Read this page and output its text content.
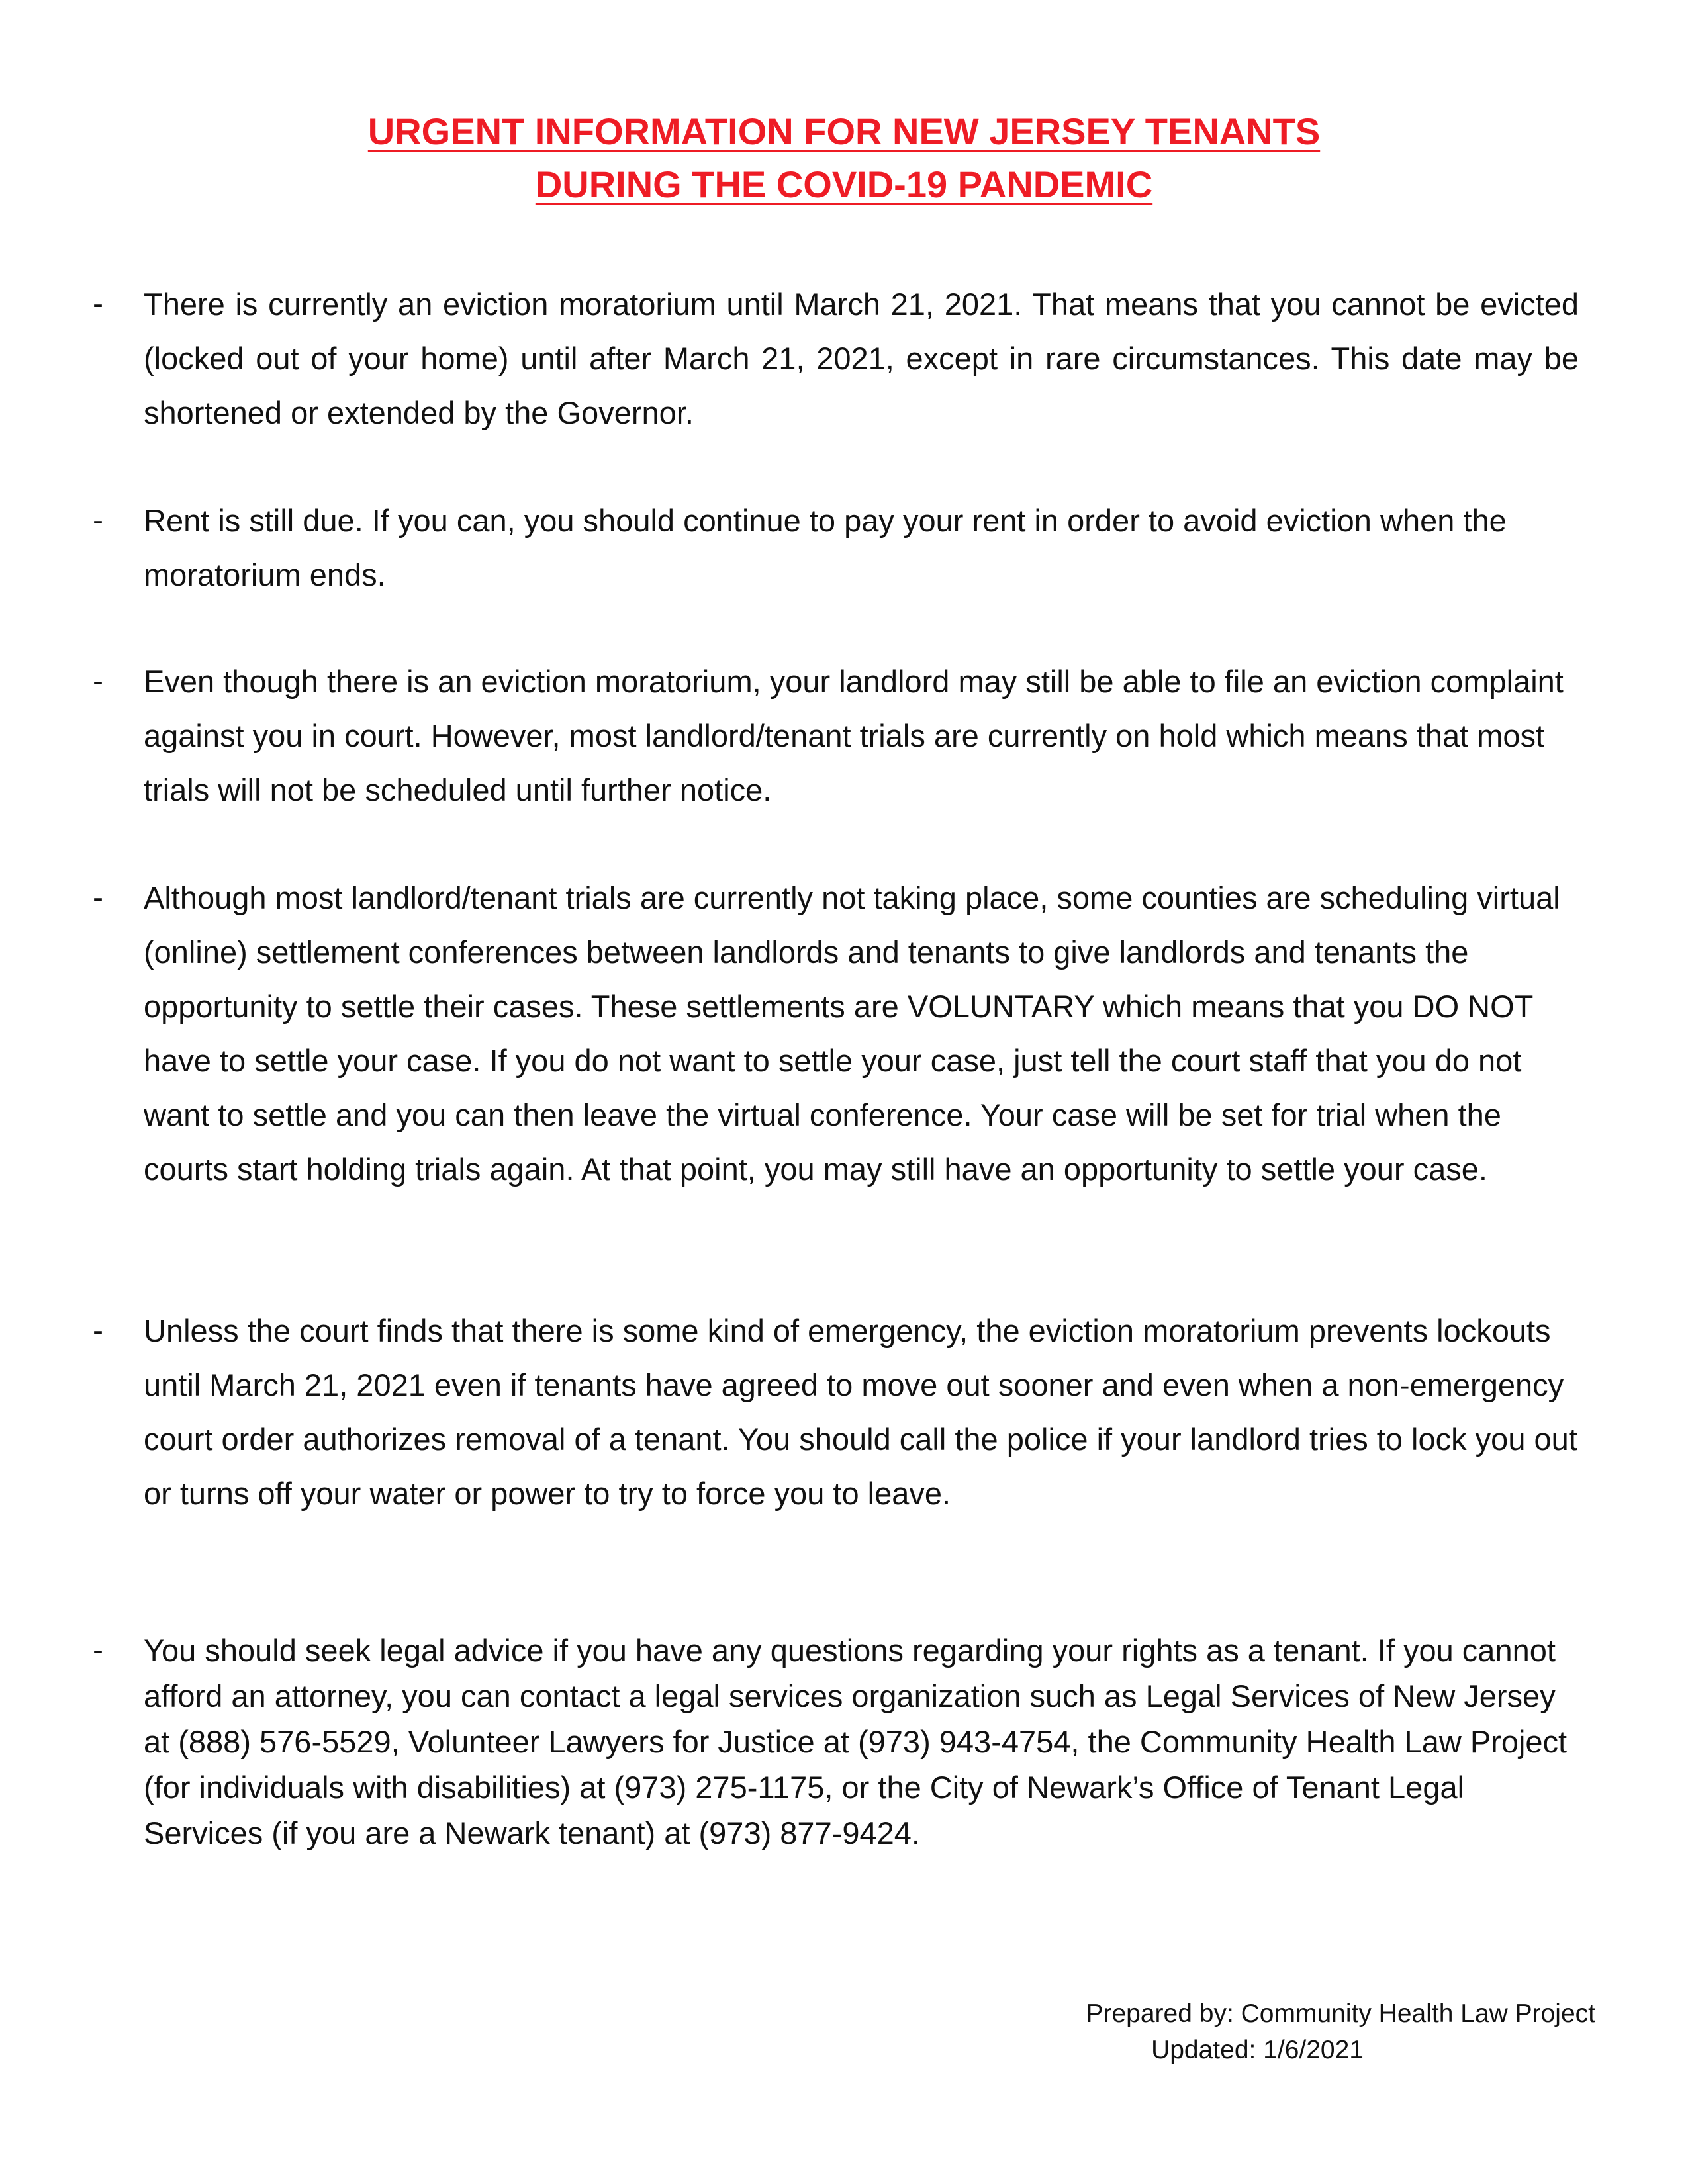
URGENT INFORMATION FOR NEW JERSEY TENANTS
DURING THE COVID-19 PANDEMIC
- There is currently an eviction moratorium until March 21, 2021. That means that you cannot be evicted (locked out of your home) until after March 21, 2021, except in rare circumstances. This date may be shortened or extended by the Governor.

- Rent is still due. If you can, you should continue to pay your rent in order to avoid eviction when the moratorium ends.

- Even though there is an eviction moratorium, your landlord may still be able to file an eviction complaint against you in court. However, most landlord/tenant trials are currently on hold which means that most trials will not be scheduled until further notice.

- Although most landlord/tenant trials are currently not taking place, some counties are scheduling virtual (online) settlement conferences between landlords and tenants to give landlords and tenants the opportunity to settle their cases. These settlements are VOLUNTARY which means that you DO NOT have to settle your case. If you do not want to settle your case, just tell the court staff that you do not want to settle and you can then leave the virtual conference. Your case will be set for trial when the courts start holding trials again. At that point, you may still have an opportunity to settle your case.

- Unless the court finds that there is some kind of emergency, the eviction moratorium prevents lockouts until March 21, 2021 even if tenants have agreed to move out sooner and even when a non-emergency court order authorizes removal of a tenant. You should call the police if your landlord tries to lock you out or turns off your water or power to try to force you to leave.

- You should seek legal advice if you have any questions regarding your rights as a tenant. If you cannot afford an attorney, you can contact a legal services organization such as Legal Services of New Jersey at (888) 576-5529, Volunteer Lawyers for Justice at (973) 943-4754, the Community Health Law Project (for individuals with disabilities) at (973) 275-1175, or the City of Newark’s Office of Tenant Legal Services (if you are a Newark tenant) at (973) 877-9424.

Prepared by: Community Health Law Project
Updated: 1/6/2021
